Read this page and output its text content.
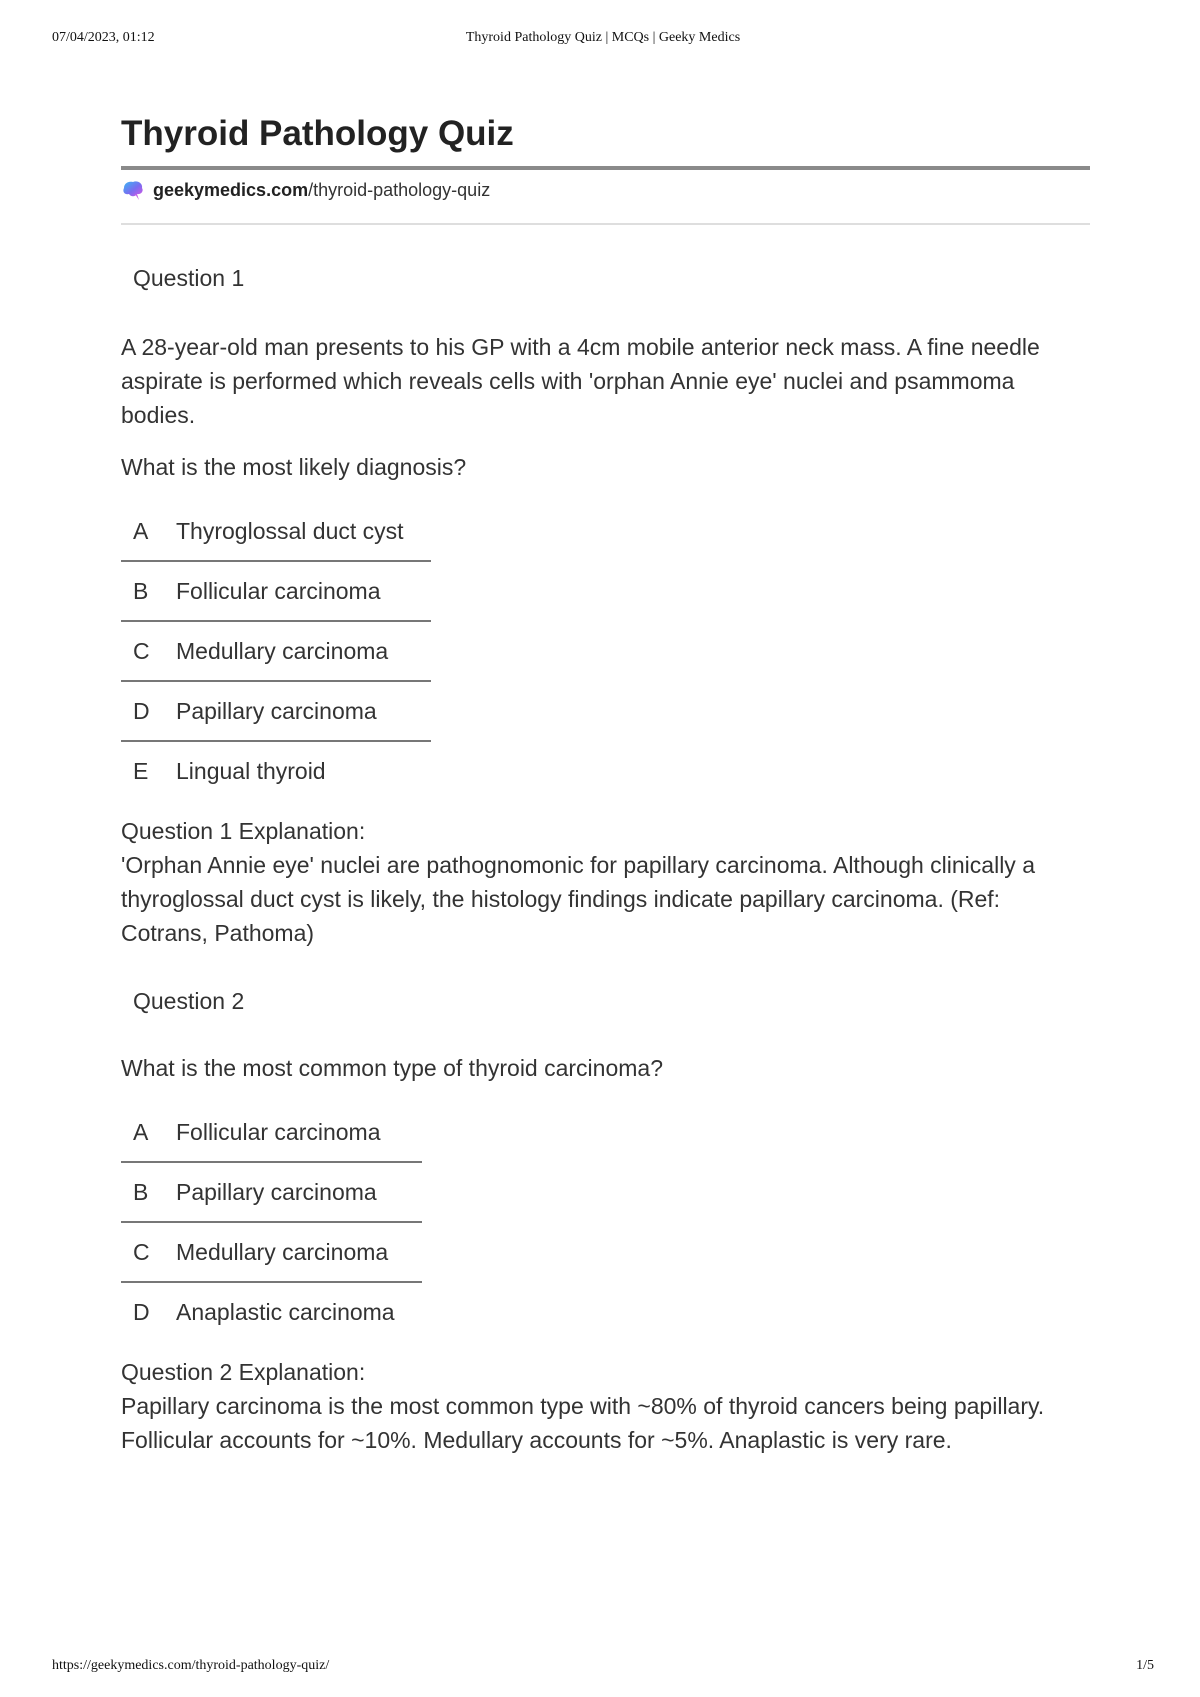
07/04/2023, 01:12	Thyroid Pathology Quiz | MCQs | Geeky Medics
Thyroid Pathology Quiz
geekymedics.com /thyroid-pathology-quiz
Question 1

A 28-year-old man presents to his GP with a 4cm mobile anterior neck mass. A fine needle aspirate is performed which reveals cells with 'orphan Annie eye' nuclei and psammoma bodies.

What is the most likely diagnosis?

A	Thyroglossal duct cyst
B	Follicular carcinoma
C	Medullary carcinoma
D	Papillary carcinoma
E	Lingual thyroid
Question 1 Explanation:

'Orphan Annie eye' nuclei are pathognomonic for papillary carcinoma. Although clinically a thyroglossal duct cyst is likely, the histology findings indicate papillary carcinoma. (Ref: Cotrans, Pathoma)

Question 2

What is the most common type of thyroid carcinoma?

A	Follicular carcinoma
B	Papillary carcinoma
C	Medullary carcinoma
D	Anaplastic carcinoma
Question 2 Explanation:

Papillary carcinoma is the most common type with ~80% of thyroid cancers being papillary. Follicular accounts for ~10%. Medullary accounts for ~5%. Anaplastic is very rare.

https://geekymedics.com/thyroid-pathology-quiz/	1/5
